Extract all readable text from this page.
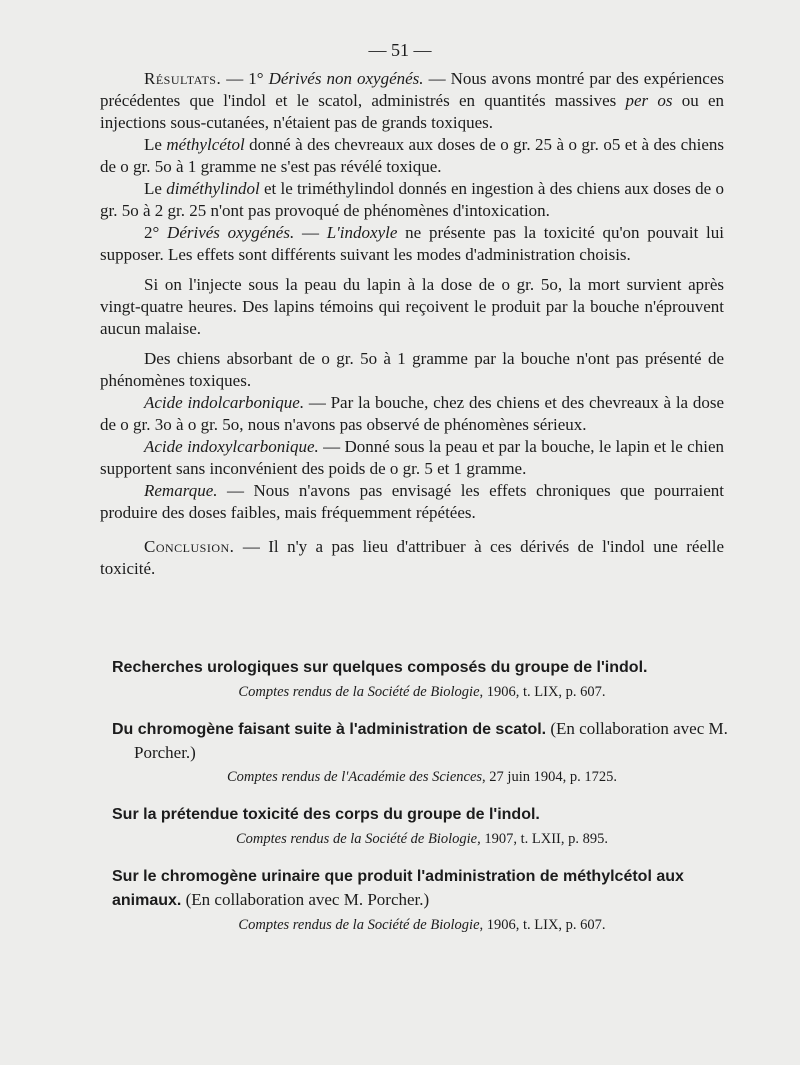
— 51 —

Résultats. — 1° Dérivés non oxygénés. — Nous avons montré par des expériences précédentes que l'indol et le scatol, administrés en quantités massives per os ou en injections sous-cutanées, n'étaient pas de grands toxiques.

Le méthylcétol donné à des chevreaux aux doses de o gr. 25 à o gr. o5 et à des chiens de o gr. 5o à 1 gramme ne s'est pas révélé toxique.

Le diméthylindol et le triméthylindol donnés en ingestion à des chiens aux doses de o gr. 5o à 2 gr. 25 n'ont pas provoqué de phénomènes d'intoxication.

2° Dérivés oxygénés. — L'indoxyle ne présente pas la toxicité qu'on pouvait lui supposer. Les effets sont différents suivant les modes d'administration choisis.

Si on l'injecte sous la peau du lapin à la dose de o gr. 5o, la mort survient après vingt-quatre heures. Des lapins témoins qui reçoivent le produit par la bouche n'éprouvent aucun malaise.

Des chiens absorbant de o gr. 5o à 1 gramme par la bouche n'ont pas présenté de phénomènes toxiques.

Acide indolcarbonique. — Par la bouche, chez des chiens et des chevreaux à la dose de o gr. 3o à o gr. 5o, nous n'avons pas observé de phénomènes sérieux.

Acide indoxylcarbonique. — Donné sous la peau et par la bouche, le lapin et le chien supportent sans inconvénient des poids de o gr. 5 et 1 gramme.

Remarque. — Nous n'avons pas envisagé les effets chroniques que pourraient produire des doses faibles, mais fréquemment répétées.

Conclusion. — Il n'y a pas lieu d'attribuer à ces dérivés de l'indol une réelle toxicité.

Recherches urologiques sur quelques composés du groupe de l'indol.
Comptes rendus de la Société de Biologie, 1906, t. LIX, p. 607.
Du chromogène faisant suite à l'administration de scatol. (En collaboration avec M. Porcher.)
Comptes rendus de l'Académie des Sciences, 27 juin 1904, p. 1725.
Sur la prétendue toxicité des corps du groupe de l'indol.
Comptes rendus de la Société de Biologie, 1907, t. LXII, p. 895.
Sur le chromogène urinaire que produit l'administration de méthylcétol aux animaux. (En collaboration avec M. Porcher.)
Comptes rendus de la Société de Biologie, 1906, t. LIX, p. 607.
